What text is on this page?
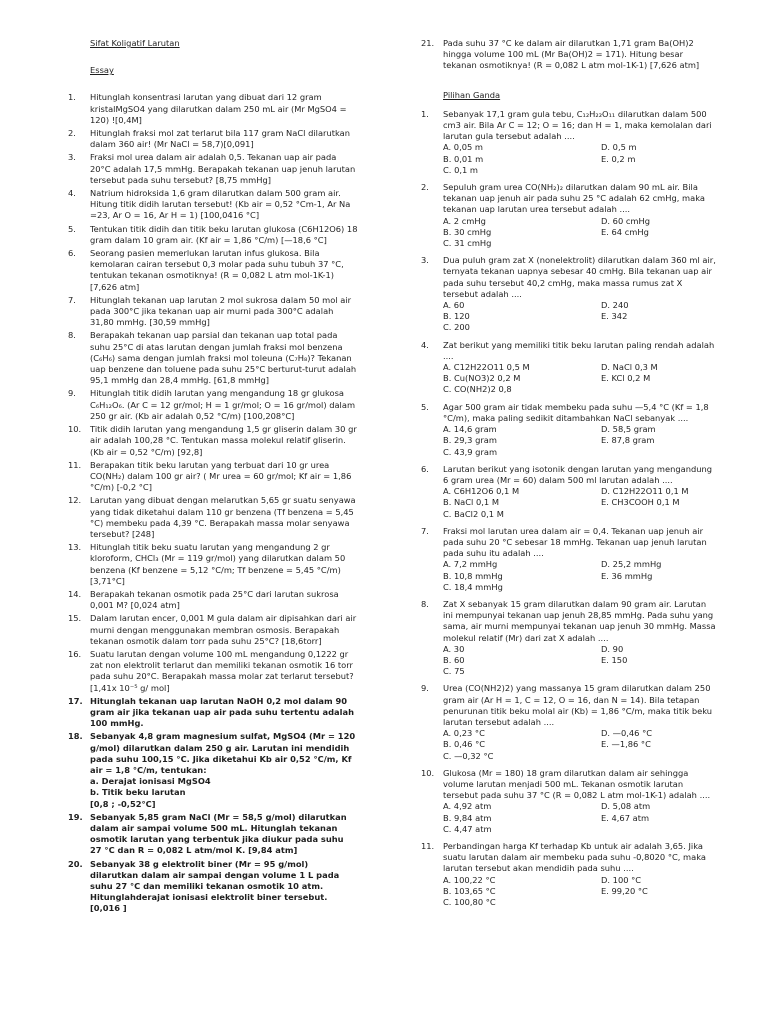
Sifat Koligatif Larutan
Essay
1.	Hitunglah konsentrasi larutan yang dibuat dari 12 gram kristalMgSO4 yang dilarutkan dalam 250 mL air (Mr MgSO4 = 120) ![0,4M]
2.	Hitunglah fraksi mol zat terlarut bila 117 gram NaCl dilarutkan dalam 360 air! (Mr NaCl = 58,7)[0,091]
3.	Fraksi mol urea dalam air adalah 0,5. Tekanan uap air pada 20°C adalah 17,5 mmHg. Berapakah tekanan uap jenuh larutan tersebut pada suhu tersebut? [8,75 mmHg]
4.	Natrium hidroksida 1,6 gram dilarutkan dalam 500 gram air. Hitung titik didih larutan tersebut! (Kb air = 0,52 °Cm-1, Ar Na =23, Ar O = 16, Ar H = 1) [100,0416 °C]
5.	Tentukan titik didih dan titik beku larutan glukosa (C6H12O6) 18 gram dalam 10 gram air. (Kf air = 1,86 °C/m) [—18,6 °C]
6.	Seorang pasien memerlukan larutan infus glukosa. Bila kemolaran cairan tersebut 0,3 molar pada suhu tubuh 37 °C, tentukan tekanan osmotiknya! (R = 0,082 L atm mol-1K-1) [7,626 atm]
7.	Hitunglah tekanan uap larutan 2 mol sukrosa dalam 50 mol air pada 300°C jika tekanan uap air murni pada 300°C adalah 31,80 mmHg. [30,59 mmHg]
8.	Berapakah tekanan uap parsial dan tekanan uap total pada suhu 25°C di atas larutan dengan jumlah fraksi mol benzena (C₆H₆) sama dengan jumlah fraksi mol toleuna (C₇H₈)? Tekanan uap benzene dan toluene pada suhu 25°C berturut-turut adalah 95,1 mmHg dan 28,4 mmHg. [61,8 mmHg]
9.	Hitunglah titik didih larutan yang mengandung 18 gr glukosa C₆H₁₂O₆. (Ar C = 12 gr/mol; H = 1 gr/mol; O = 16 gr/mol) dalam 250 gr air. (Kb air adalah 0,52 °C/m) [100,208°C]
10.	Titik didih larutan yang mengandung 1,5 gr gliserin dalam 30 gr air adalah 100,28 °C. Tentukan massa molekul relatif gliserin. (Kb air = 0,52 °C/m) [92,8]
11.	Berapakan titik beku larutan yang terbuat dari 10 gr urea CO(NH₂) dalam 100 gr air? ( Mr urea = 60 gr/mol; Kf air = 1,86 °C/m) [-0,2 °C]
12.	Larutan yang dibuat dengan melarutkan 5,65 gr suatu senyawa yang tidak diketahui dalam 110 gr benzena (Tf benzena = 5,45 °C) membeku pada 4,39 °C. Berapakah massa molar senyawa tersebut? [248]
13.	Hitunglah titik beku suatu larutan yang mengandung 2 gr kloroform, CHCl₃ (Mr = 119 gr/mol) yang dilarutkan dalam 50 benzena (Kf benzene = 5,12 °C/m; Tf benzene = 5,45 °C/m) [3,71°C]
14.	Berapakah tekanan osmotik pada 25°C dari larutan sukrosa 0,001 M? [0,024 atm]
15.	Dalam larutan encer, 0,001 M gula dalam air dipisahkan dari air murni dengan menggunakan membran osmosis. Berapakah tekanan osmotik dalam torr pada suhu 25°C? [18,6torr]
16.	Suatu larutan dengan volume 100 mL mengandung 0,1222 gr zat non elektrolit terlarut dan memiliki tekanan osmotik 16 torr pada suhu 20°C. Berapakah massa molar zat terlarut tersebut? [1,41x 10⁻⁵ g/ mol]
17. Hitunglah tekanan uap larutan NaOH 0,2 mol dalam 90 gram air jika tekanan uap air pada suhu tertentu adalah 100 mmHg.
18. Sebanyak 4,8 gram magnesium sulfat, MgSO4 (Mr = 120 g/mol) dilarutkan dalam 250 g air. Larutan ini mendidih pada suhu 100,15 °C. Jika diketahui Kb air 0,52 °C/m, Kf air = 1,8 °C/m, tentukan:
a. Derajat ionisasi MgSO4
b. Titik beku larutan
[0,8 ; -0,52°C]
19. Sebanyak 5,85 gram NaCl (Mr = 58,5 g/mol) dilarutkan dalam air sampai volume 500 mL. Hitunglah tekanan osmotik larutan yang terbentuk jika diukur pada suhu 27 °C dan R = 0,082 L atm/mol K. [9,84 atm]
20. Sebanyak 38 g elektrolit biner (Mr = 95 g/mol) dilarutkan dalam air sampai dengan volume 1 L pada suhu 27 °C dan memiliki tekanan osmotik 10 atm. Hitunglahderajat ionisasi elektrolit biner tersebut. [0,016 ]
21.	Pada suhu 37 °C ke dalam air dilarutkan 1,71 gram Ba(OH)2 hingga volume 100 mL (Mr Ba(OH)2 = 171). Hitung besar tekanan osmotiknya! (R = 0,082 L atm mol-1K-1) [7,626 atm]
Pilihan Ganda
1.	Sebanyak 17,1 gram gula tebu, C₁₂H₂₂O₁₁ dilarutkan dalam 500 cm3 air. Bila Ar C = 12; O = 16; dan H = 1, maka kemolalan dari larutan gula tersebut adalah ....
A. 0,05 m	D. 0,5 m
B. 0,01 m	E. 0,2 m
C. 0,1 m
2.	Sepuluh gram urea CO(NH₂)₂ dilarutkan dalam 90 mL air. Bila tekanan uap jenuh air pada suhu 25 °C adalah 62 cmHg, maka tekanan uap larutan urea tersebut adalah ....
A. 2 cmHg	D. 60 cmHg
B. 30 cmHg	E. 64 cmHg
C. 31 cmHg
3.	Dua puluh gram zat X (nonelektrolit) dilarutkan dalam 360 ml air, ternyata tekanan uapnya sebesar 40 cmHg. Bila tekanan uap air pada suhu tersebut 40,2 cmHg, maka massa rumus zat X tersebut adalah ....
A. 60	D. 240
B. 120	E. 342
C. 200
4.	Zat berikut yang memiliki titik beku larutan paling rendah adalah ....
A. C12H22O11 0,5 M	D. NaCl 0,3 M
B. Cu(NO3)2 0,2 M	E. KCl 0,2 M
C. CO(NH2)2 0,8
5.	Agar 500 gram air tidak membeku pada suhu —5,4 °C (Kf = 1,8 °C/m), maka paling sedikit ditambahkan NaCl sebanyak ....
A. 14,6 gram	D. 58,5 gram
B. 29,3 gram	E. 87,8 gram
C. 43,9 gram
6.	Larutan berikut yang isotonik dengan larutan yang mengandung 6 gram urea (Mr = 60) dalam 500 ml larutan adalah ....
A. C6H12O6 0,1 M	D. C12H22O11 0,1 M
B. NaCl 0,1 M	E. CH3COOH 0,1 M
C. BaCl2 0,1 M
7.	Fraksi mol larutan urea dalam air = 0,4. Tekanan uap jenuh air pada suhu 20 °C sebesar 18 mmHg. Tekanan uap jenuh larutan pada suhu itu adalah ....
A. 7,2 mmHg	D. 25,2 mmHg
B. 10,8 mmHg	E. 36 mmHg
C. 18,4 mmHg
8.	Zat X sebanyak 15 gram dilarutkan dalam 90 gram air. Larutan ini mempunyai tekanan uap jenuh 28,85 mmHg. Pada suhu yang sama, air murni mempunyai tekanan uap jenuh 30 mmHg. Massa molekul relatif (Mr) dari zat X adalah ....
A. 30	D. 90
B. 60	E. 150
C. 75
9.	Urea (CO(NH2)2) yang massanya 15 gram dilarutkan dalam 250 gram air (Ar H = 1, C = 12, O = 16, dan N = 14). Bila tetapan penurunan titik beku molal air (Kb) = 1,86 °C/m, maka titik beku larutan tersebut adalah ....
A. 0,23 °C	D. —0,46 °C
B. 0,46 °C	E. —1,86 °C
C. —0,32 °C
10.	Glukosa (Mr = 180) 18 gram dilarutkan dalam air sehingga volume larutan menjadi 500 mL. Tekanan osmotik larutan tersebut pada suhu 37 °C (R = 0,082 L atm mol-1K-1) adalah ....
A. 4,92 atm	D. 5,08 atm
B. 9,84 atm	E. 4,67 atm
C. 4,47 atm
11.	Perbandingan harga Kf terhadap Kb untuk air adalah 3,65. Jika suatu larutan dalam air membeku pada suhu -0,8020 °C, maka larutan tersebut akan mendidih pada suhu ....
A. 100,22 °C	D. 100 °C
B. 103,65 °C	E. 99,20 °C
C. 100,80 °C
